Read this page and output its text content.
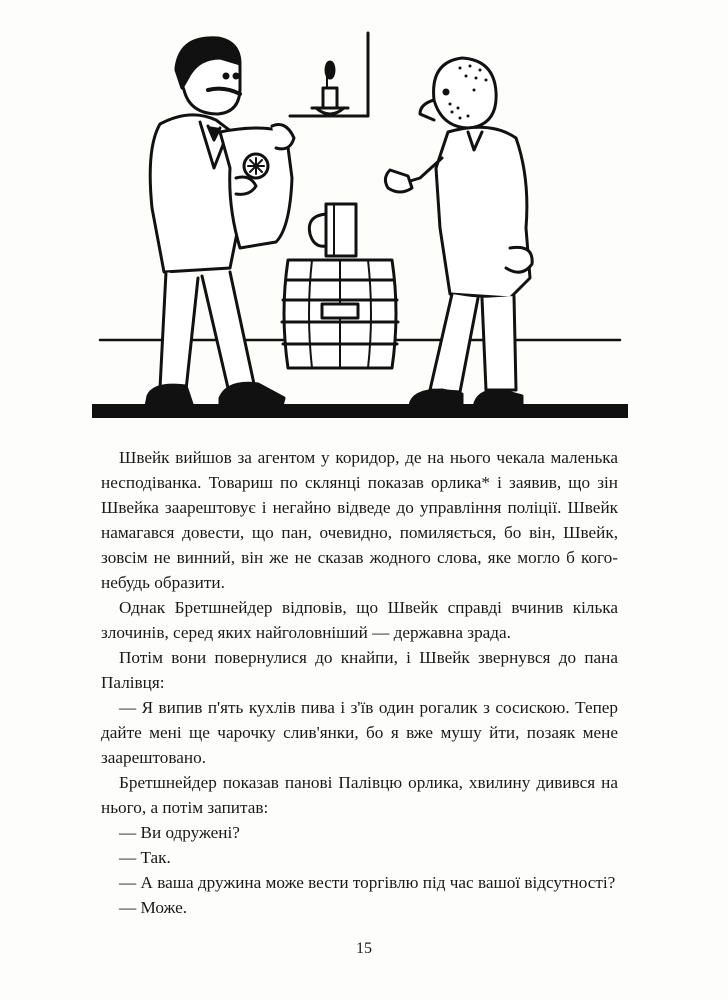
Швейк вийшов за агентом у коридор, де на нього чекала маленька несподіванка. Товариш по склянці показав орлика* і заявив, що зін Швейка заарештовує і негайно відведе до управління поліції. Швейк намагався довести, що пан, очевидно, помиляється, бо він, Швейк, зовсім не винний, він же не сказав жодного слова, яке могло б кого-небудь образити.

Однак Бретшнейдер відповів, що Швейк справді вчинив кілька злочинів, серед яких найголовніший — державна зрада.

Потім вони повернулися до кнайпи, і Швейк звернувся до пана Палівця:

— Я випив п'ять кухлів пива і з'їв один рогалик з сосискою. Тепер дайте мені ще чарочку слив'янки, бо я вже мушу йти, позаяк мене заарештовано.

Бретшнейдер показав панові Палівцю орлика, хвилину дивився на нього, а потім запитав:

— Ви одружені?

— Так.

— А ваша дружина може вести торгівлю під час вашої відсутності?

— Може.

15
